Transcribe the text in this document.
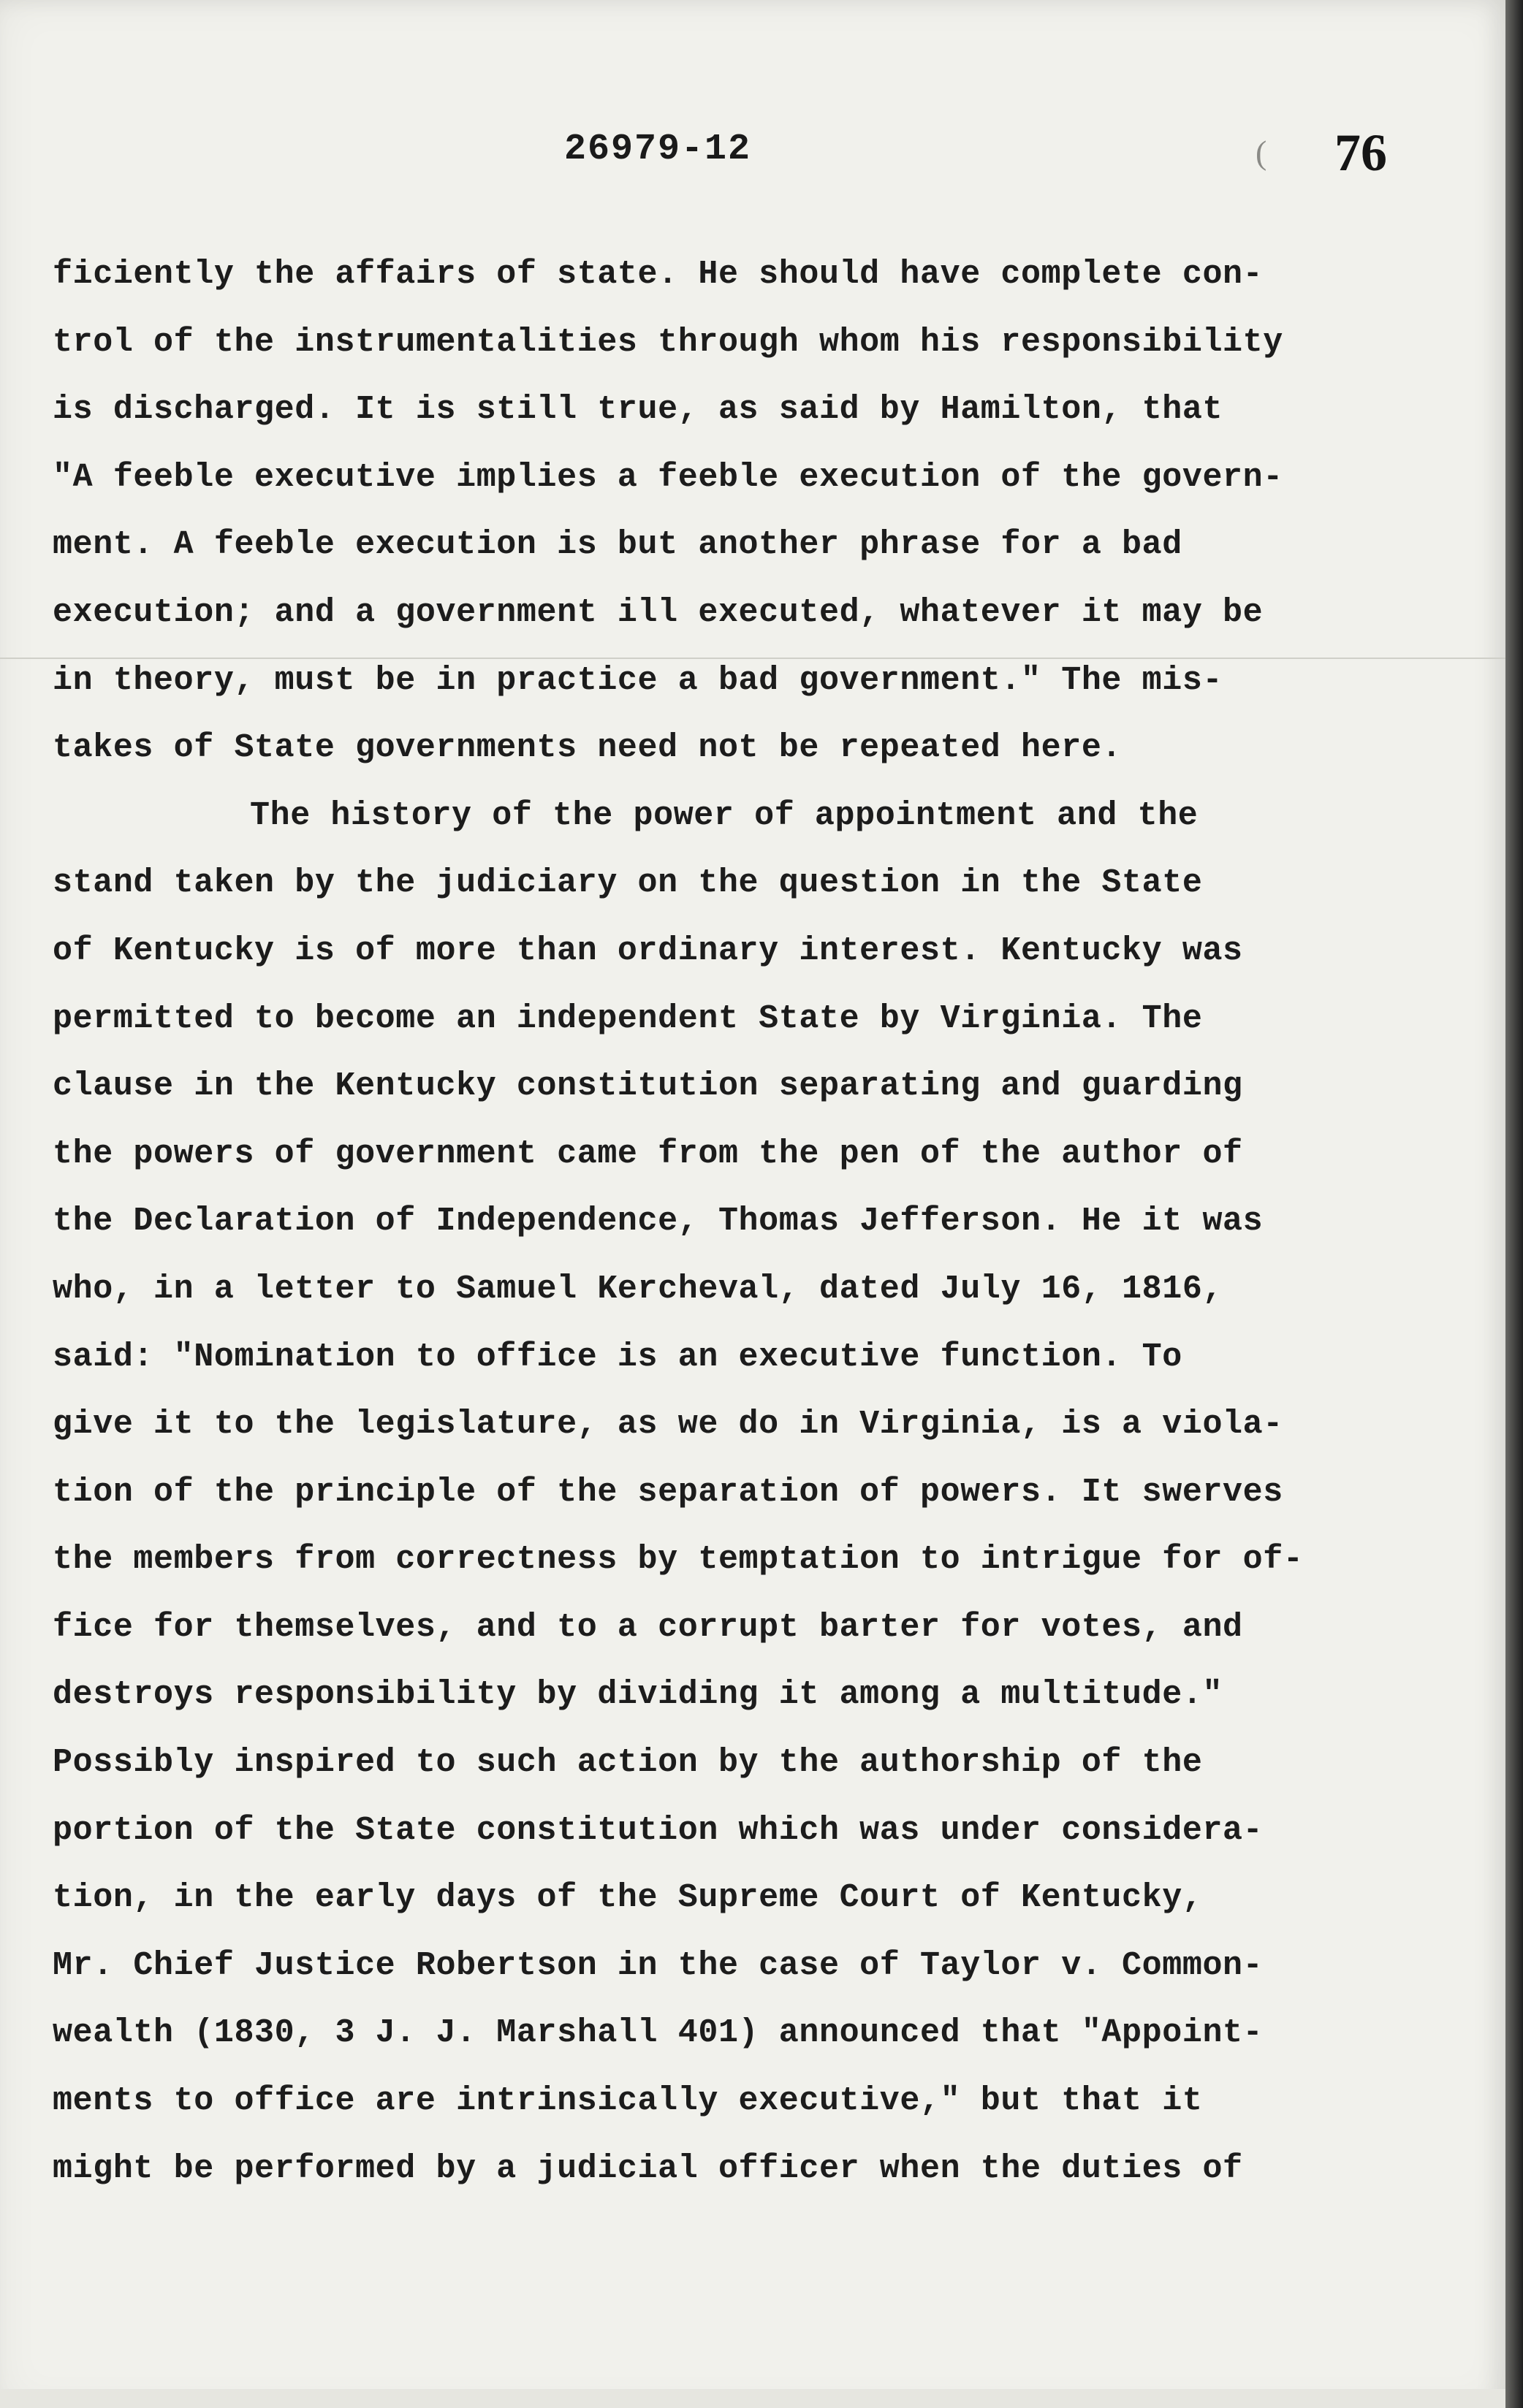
26979-12	( 76
ficiently the affairs of state. He should have complete con-
trol of the instrumentalities through whom his responsibility
is discharged. It is still true, as said by Hamilton, that
"A feeble executive implies a feeble execution of the govern-
ment. A feeble execution is but another phrase for a bad
execution; and a government ill executed, whatever it may be
in theory, must be in practice a bad government." The mis-
takes of State governments need not be repeated here.
The history of the power of appointment and the
stand taken by the judiciary on the question in the State
of Kentucky is of more than ordinary interest. Kentucky was
permitted to become an independent State by Virginia. The
clause in the Kentucky constitution separating and guarding
the powers of government came from the pen of the author of
the Declaration of Independence, Thomas Jefferson. He it was
who, in a letter to Samuel Kercheval, dated July 16, 1816,
said: "Nomination to office is an executive function. To
give it to the legislature, as we do in Virginia, is a viola-
tion of the principle of the separation of powers. It swerves
the members from correctness by temptation to intrigue for of-
fice for themselves, and to a corrupt barter for votes, and
destroys responsibility by dividing it among a multitude."
Possibly inspired to such action by the authorship of the
portion of the State constitution which was under considera-
tion, in the early days of the Supreme Court of Kentucky,
Mr. Chief Justice Robertson in the case of Taylor v. Common-
wealth (1830, 3 J. J. Marshall 401) announced that "Appoint-
ments to office are intrinsically executive," but that it
might be performed by a judicial officer when the duties of
